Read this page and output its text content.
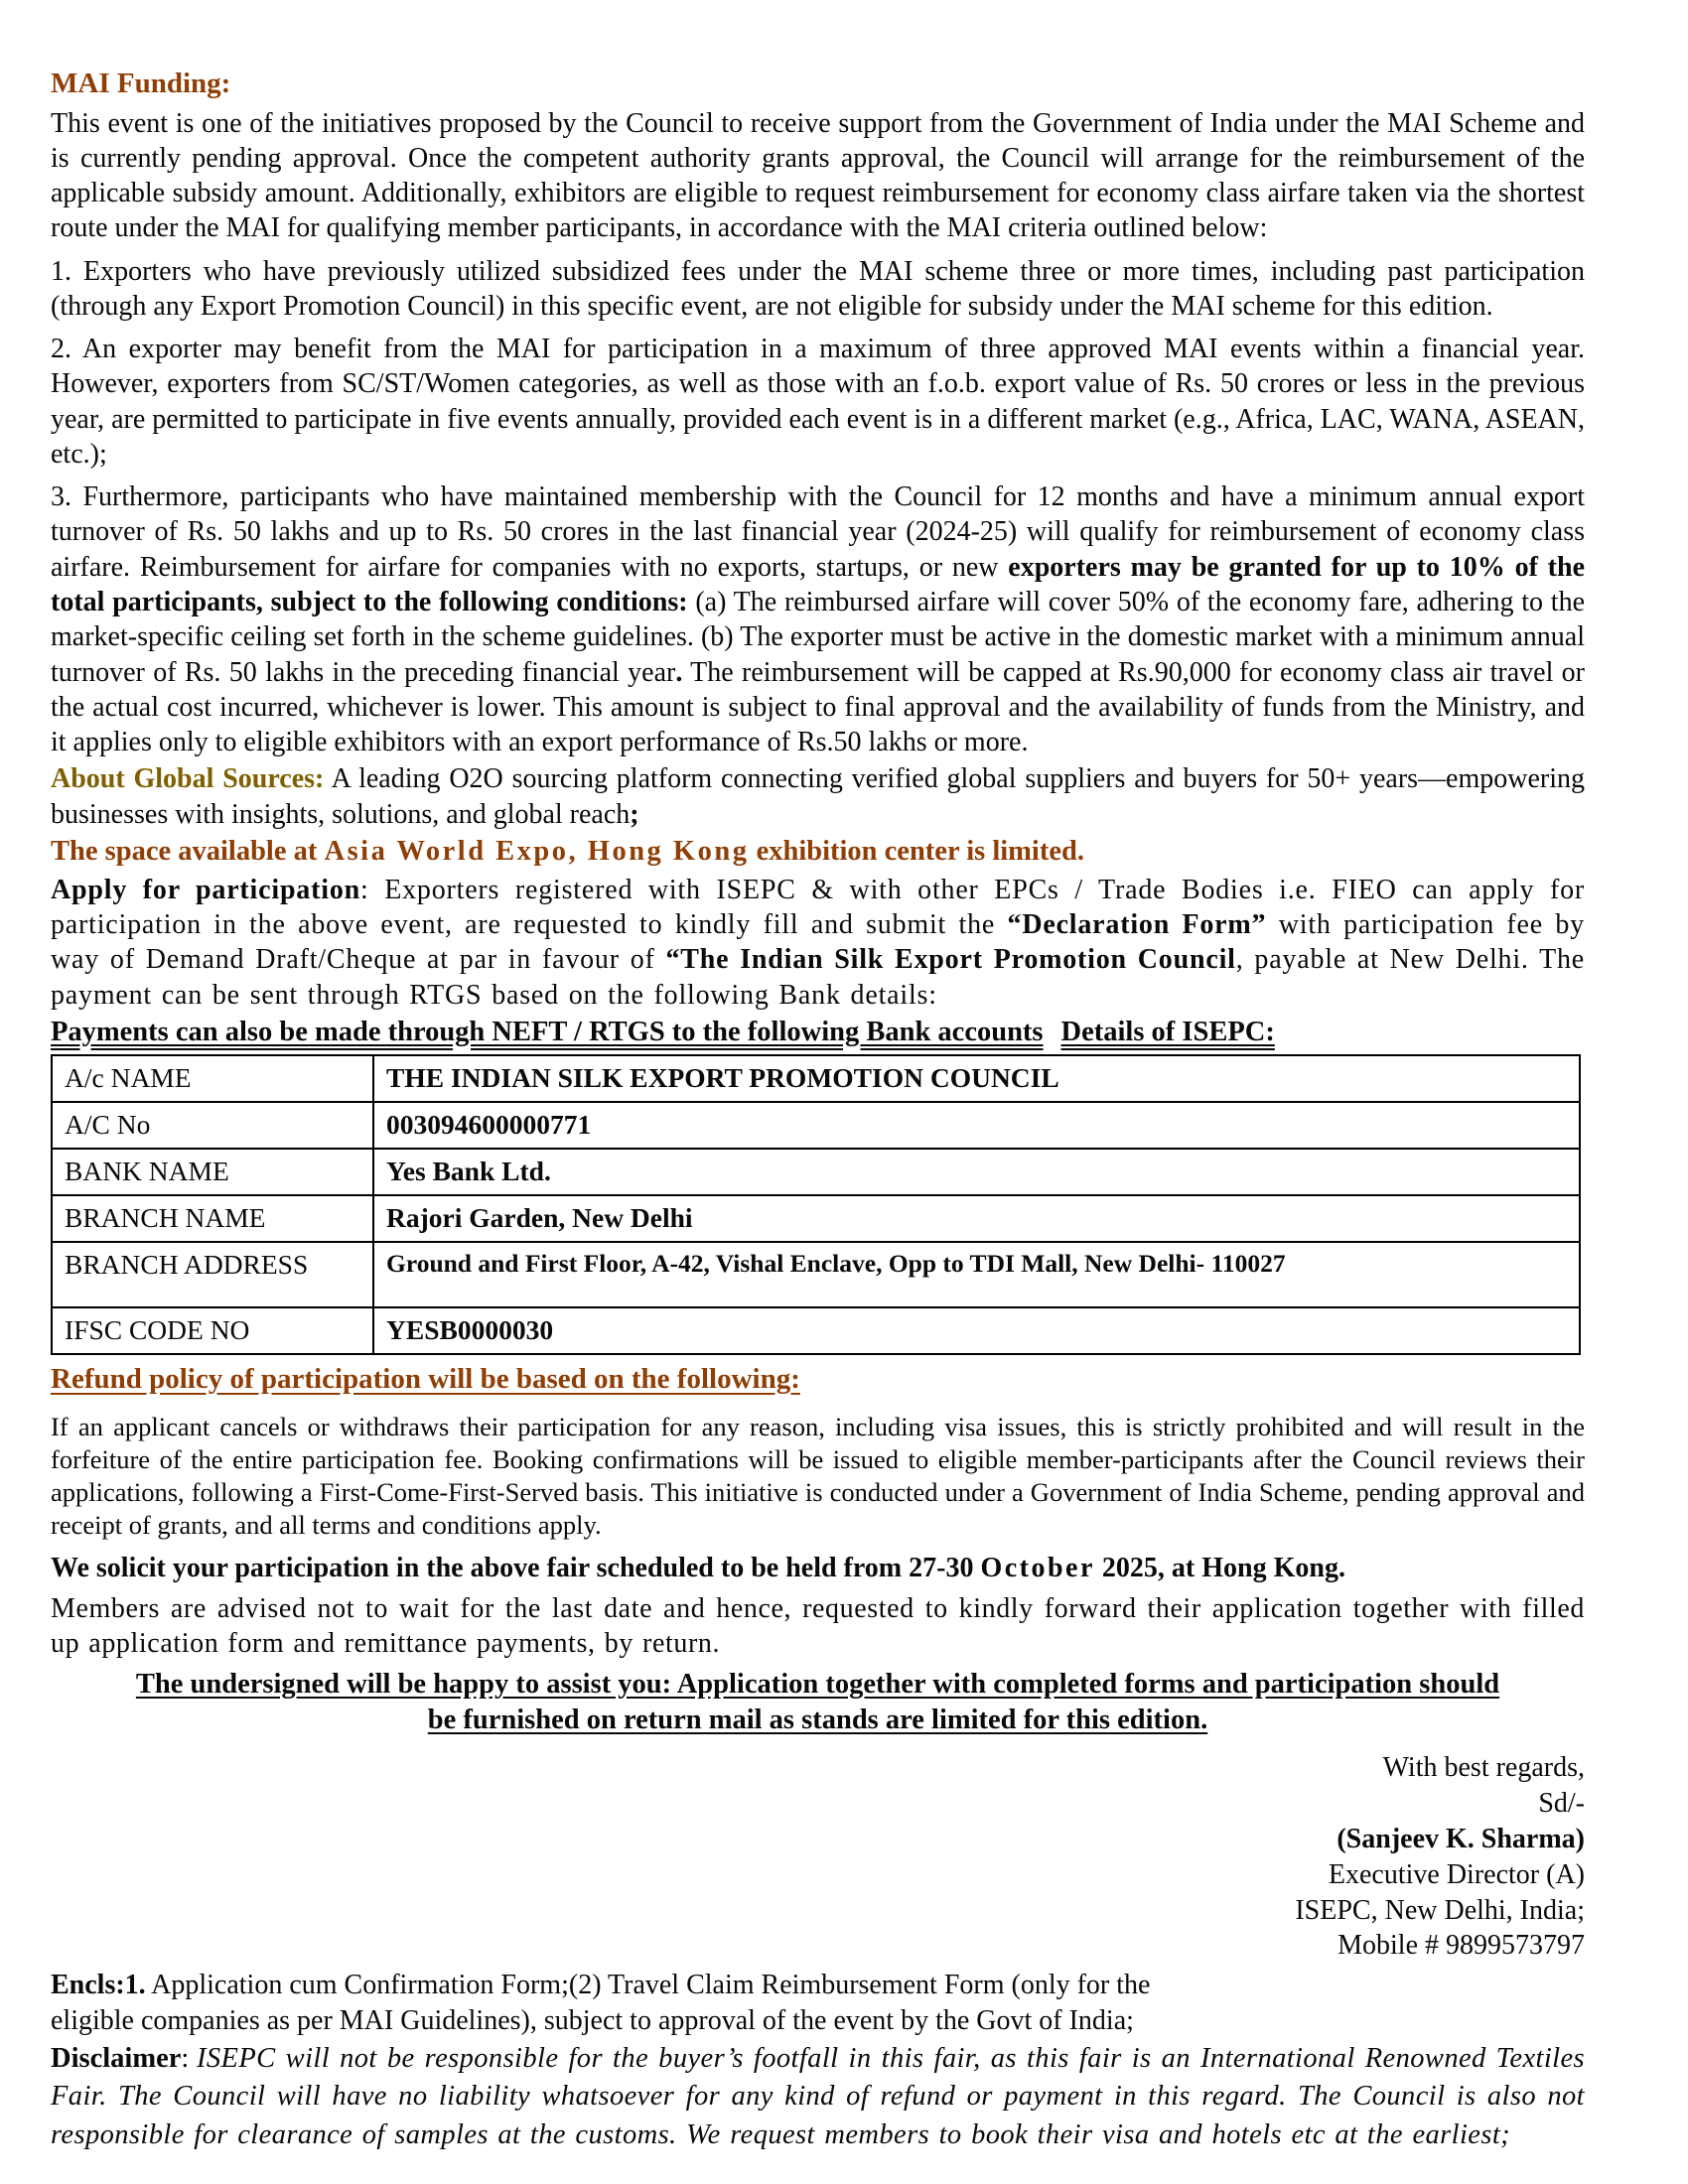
MAI Funding:

This event is one of the initiatives proposed by the Council to receive support from the Government of India under the MAI Scheme and is currently pending approval. Once the competent authority grants approval, the Council will arrange for the reimbursement of the applicable subsidy amount. Additionally, exhibitors are eligible to request reimbursement for economy class airfare taken via the shortest route under the MAI for qualifying member participants, in accordance with the MAI criteria outlined below:

1. Exporters who have previously utilized subsidized fees under the MAI scheme three or more times, including past participation (through any Export Promotion Council) in this specific event, are not eligible for subsidy under the MAI scheme for this edition.

2. An exporter may benefit from the MAI for participation in a maximum of three approved MAI events within a financial year. However, exporters from SC/ST/Women categories, as well as those with an f.o.b. export value of Rs. 50 crores or less in the previous year, are permitted to participate in five events annually, provided each event is in a different market (e.g., Africa, LAC, WANA, ASEAN, etc.);

3. Furthermore, participants who have maintained membership with the Council for 12 months and have a minimum annual export turnover of Rs. 50 lakhs and up to Rs. 50 crores in the last financial year (2024-25) will qualify for reimbursement of economy class airfare. Reimbursement for airfare for companies with no exports, startups, or new exporters may be granted for up to 10% of the total participants, subject to the following conditions: (a) The reimbursed airfare will cover 50% of the economy fare, adhering to the market-specific ceiling set forth in the scheme guidelines. (b) The exporter must be active in the domestic market with a minimum annual turnover of Rs. 50 lakhs in the preceding financial year. The reimbursement will be capped at Rs.90,000 for economy class air travel or the actual cost incurred, whichever is lower. This amount is subject to final approval and the availability of funds from the Ministry, and it applies only to eligible exhibitors with an export performance of Rs.50 lakhs or more.

About Global Sources: A leading O2O sourcing platform connecting verified global suppliers and buyers for 50+ years—empowering businesses with insights, solutions, and global reach;

The space available at Asia World Expo, Hong Kong exhibition center is limited.

Apply for participation: Exporters registered with ISEPC & with other EPCs / Trade Bodies i.e. FIEO can apply for participation in the above event, are requested to kindly fill and submit the “Declaration Form” with participation fee by way of Demand Draft/Cheque at par in favour of “The Indian Silk Export Promotion Council, payable at New Delhi. The payment can be sent through RTGS based on the following Bank details:

Payments can also be made through NEFT / RTGS to the following Bank accounts Details of ISEPC:

A/c NAME	THE INDIAN SILK EXPORT PROMOTION COUNCIL
A/C No	003094600000771
BANK NAME	Yes Bank Ltd.
BRANCH NAME	Rajori Garden, New Delhi
BRANCH ADDRESS	Ground and First Floor, A-42, Vishal Enclave, Opp to TDI Mall, New Delhi- 110027
IFSC CODE NO	YESB0000030

Refund policy of participation will be based on the following:

If an applicant cancels or withdraws their participation for any reason, including visa issues, this is strictly prohibited and will result in the forfeiture of the entire participation fee. Booking confirmations will be issued to eligible member-participants after the Council reviews their applications, following a First-Come-First-Served basis. This initiative is conducted under a Government of India Scheme, pending approval and receipt of grants, and all terms and conditions apply.

We solicit your participation in the above fair scheduled to be held from 27-30 October 2025, at Hong Kong.

Members are advised not to wait for the last date and hence, requested to kindly forward their application together with filled up application form and remittance payments, by return.

The undersigned will be happy to assist you: Application together with completed forms and participation should be furnished on return mail as stands are limited for this edition.

With best regards,
Sd/-
(Sanjeev K. Sharma)
Executive Director (A)
ISEPC, New Delhi, India;
Mobile # 9899573797

Encls:1. Application cum Confirmation Form;(2) Travel Claim Reimbursement Form (only for the eligible companies as per MAI Guidelines), subject to approval of the event by the Govt of India;

Disclaimer: ISEPC will not be responsible for the buyer’s footfall in this fair, as this fair is an International Renowned Textiles Fair. The Council will have no liability whatsoever for any kind of refund or payment in this regard. The Council is also not responsible for clearance of samples at the customs. We request members to book their visa and hotels etc at the earliest;
